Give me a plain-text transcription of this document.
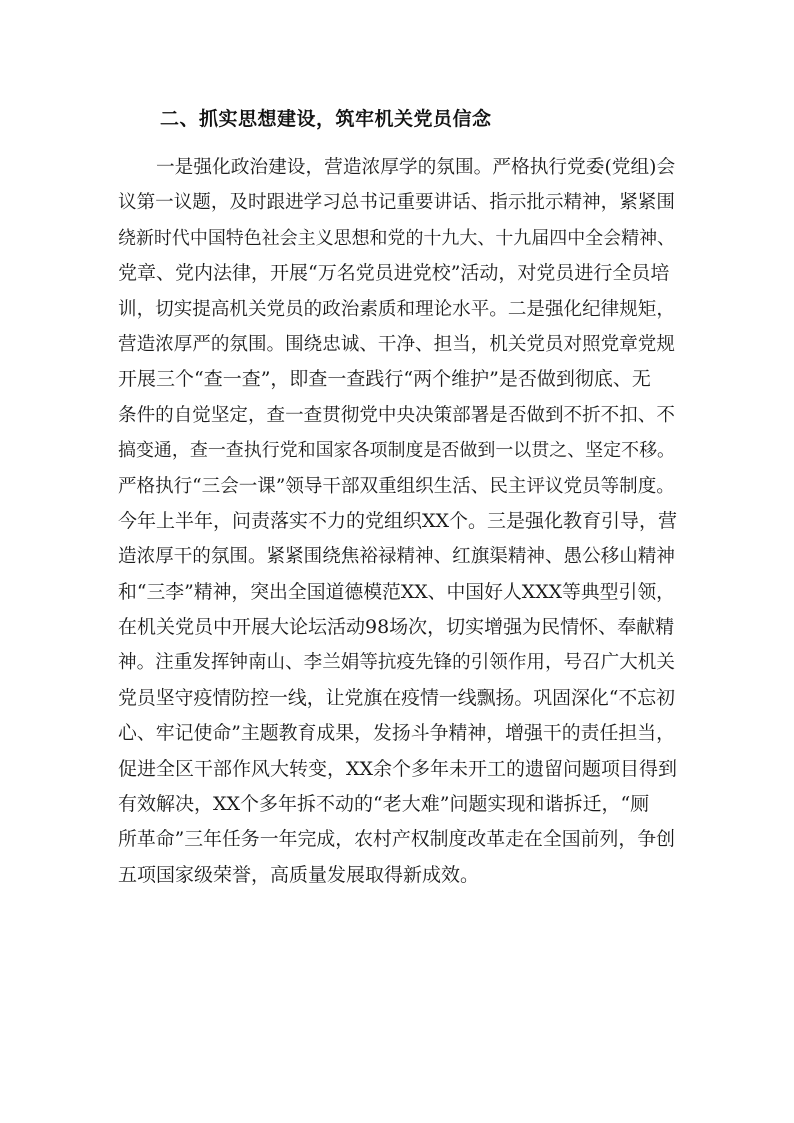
二、抓实思想建设，筑牢机关党员信念
一是强化政治建设，营造浓厚学的氛围。严格执行党委(党组)会
议第一议题，及时跟进学习总书记重要讲话、指示批示精神，紧紧围
绕新时代中国特色社会主义思想和党的十九大、十九届四中全会精神、
党章、党内法律，开展“万名党员进党校”活动，对党员进行全员培
训，切实提高机关党员的政治素质和理论水平。二是强化纪律规矩，
营造浓厚严的氛围。围绕忠诚、干净、担当，机关党员对照党章党规
开展三个“查一查”，即查一查践行“两个维护”是否做到彻底、无
条件的自觉坚定，查一查贯彻党中央决策部署是否做到不折不扣、不
搞变通，查一查执行党和国家各项制度是否做到一以贯之、坚定不移。
严格执行“三会一课”领导干部双重组织生活、民主评议党员等制度。
今年上半年，问责落实不力的党组织XX个。三是强化教育引导，营
造浓厚干的氛围。紧紧围绕焦裕禄精神、红旗渠精神、愚公移山精神
和“三李”精神，突出全国道德模范XX、中国好人XXX等典型引领，
在机关党员中开展大论坛活动98场次，切实增强为民情怀、奉献精
神。注重发挥钟南山、李兰娟等抗疫先锋的引领作用，号召广大机关
党员坚守疫情防控一线，让党旗在疫情一线飘扬。巩固深化“不忘初
心、牢记使命”主题教育成果，发扬斗争精神，增强干的责任担当，
促进全区干部作风大转变，XX余个多年未开工的遗留问题项目得到
有效解决，XX个多年拆不动的“老大难”问题实现和谐拆迁，“厕
所革命”三年任务一年完成，农村产权制度改革走在全国前列，争创
五项国家级荣誉，高质量发展取得新成效。
